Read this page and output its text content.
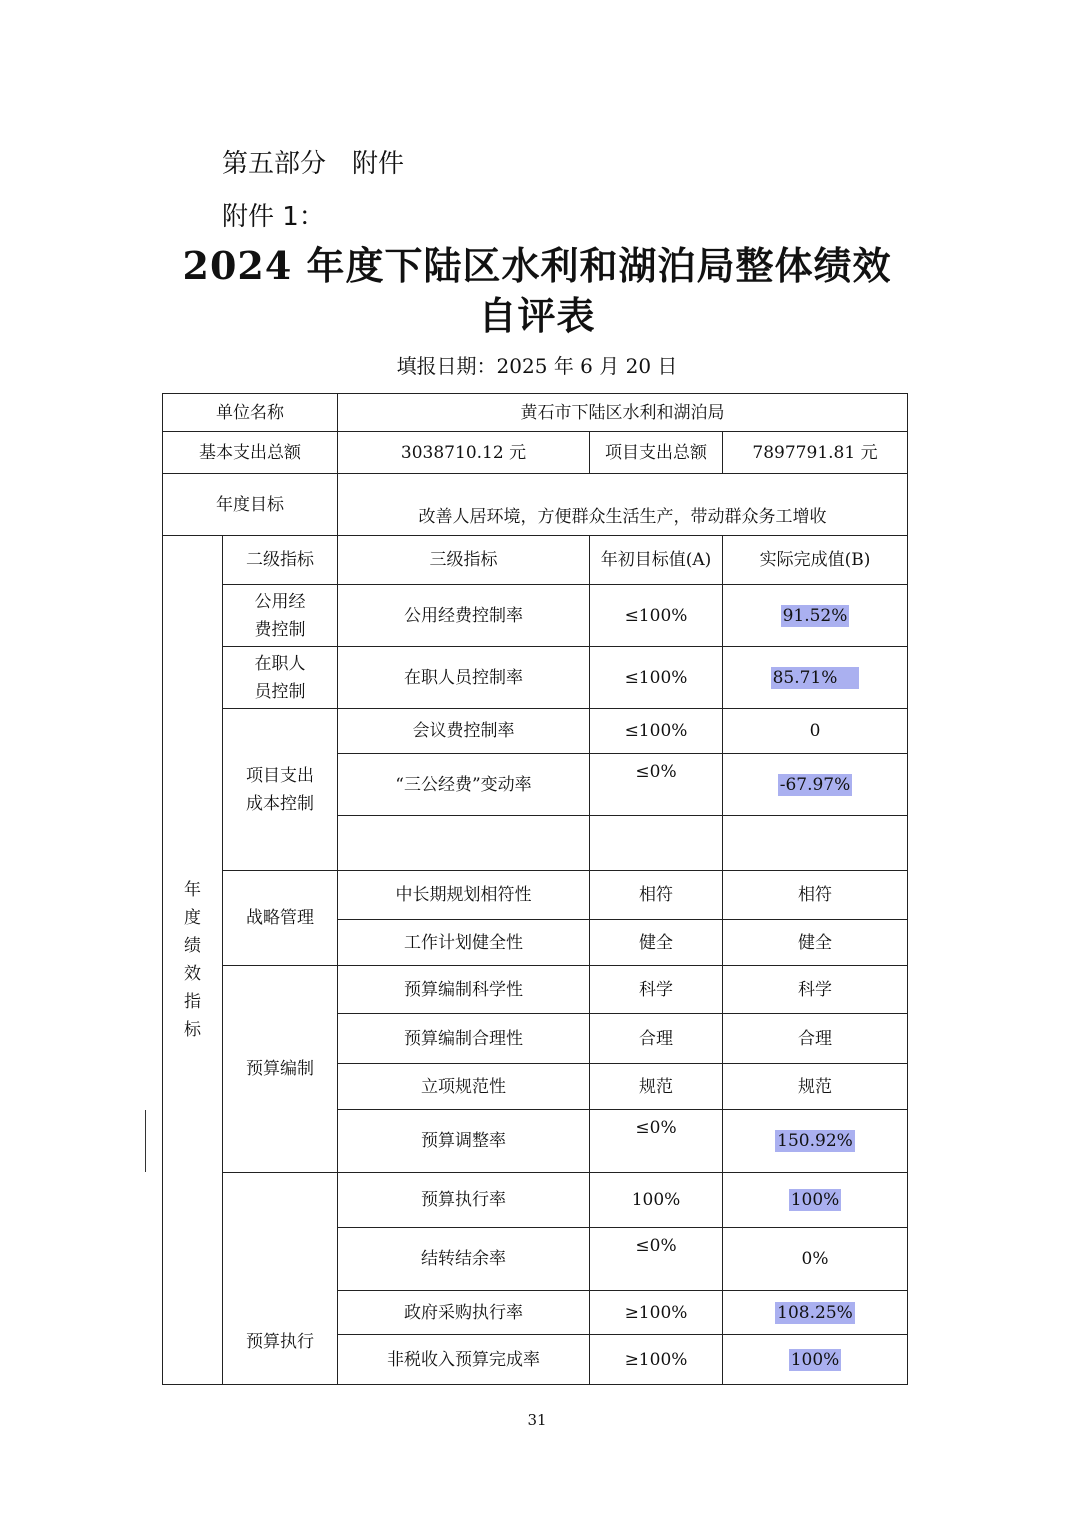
第五部分　附件
附件 1：
2024 年度下陆区水利和湖泊局整体绩效
自评表
填报日期：2025 年 6 月 20 日
单位名称		黄石市下陆区水利和湖泊局		
基本支出总额		3038710.12 元	项目支出总额	7897791.81 元
年度目标		改善人居环境，方便群众生活生产，带动群众务工增收		

年度绩效指标	二级指标	三级指标	年初目标值(A)	实际完成值(B)
	公用经费控制	公用经费控制率	≤100%	91.52%
	在职人员控制	在职人员控制率	≤100%	85.71%
	项目支出成本控制	会议费控制率	≤100%	0
		“三公经费”变动率	≤0%	-67.97%

	战略管理	中长期规划相符性	相符	相符
		工作计划健全性	健全	健全
	预算编制	预算编制科学性	科学	科学
		预算编制合理性	合理	合理
		立项规范性	规范	规范
		预算调整率	≤0%	150.92%
	预算执行	预算执行率	100%	100%
		结转结余率	≤0%	0%
		政府采购执行率	≥100%	108.25%
		非税收入预算完成率	≥100%	100%
31
